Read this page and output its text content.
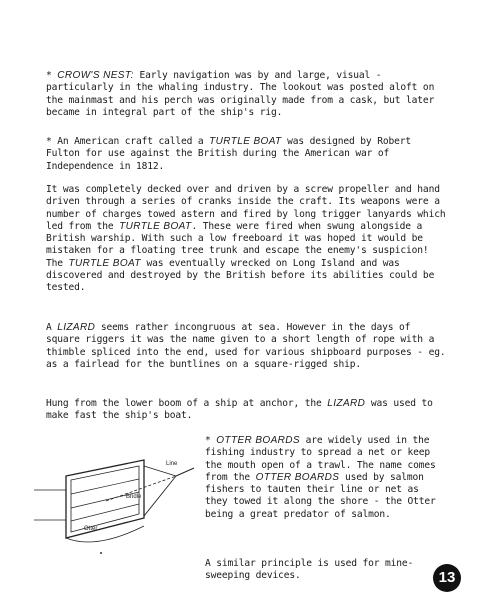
* CROW'S NEST: Early navigation was by and large, visual - particularly in the whaling industry. The lookout was posted aloft on the mainmast and his perch was originally made from a cask, but later became in integral part of the ship's rig.

* An American craft called a TURTLE BOAT was designed by Robert Fulton for use against the British during the American war of Independence in 1812.

It was completely decked over and driven by a screw propeller and hand driven through a series of cranks inside the craft. Its weapons were a number of charges towed astern and fired by long trigger lanyards which led from the TURTLE BOAT. These were fired when swung alongside a British warship. With such a low freeboard it was hoped it would be mistaken for a floating tree trunk and escape the enemy's suspicion! The TURTLE BOAT was eventually wrecked on Long Island and was discovered and destroyed by the British before its abilities could be tested.

A LIZARD seems rather incongruous at sea. However in the days of square riggers it was the name given to a short length of rope with a thimble spliced into the end, used for various shipboard purposes - eg. as a fairlead for the buntlines on a square-rigged ship.

Hung from the lower boom of a ship at anchor, the LIZARD was used to make fast the ship's boat.

Line
Bridle
Otter

* OTTER BOARDS are widely used in the fishing industry to spread a net or keep the mouth open of a trawl. The name comes from the OTTER BOARDS used by salmon fishers to tauten their line or net as they towed it along the shore - the Otter being a great predator of salmon.

A similar principle is used for mine-sweeping devices.	13
